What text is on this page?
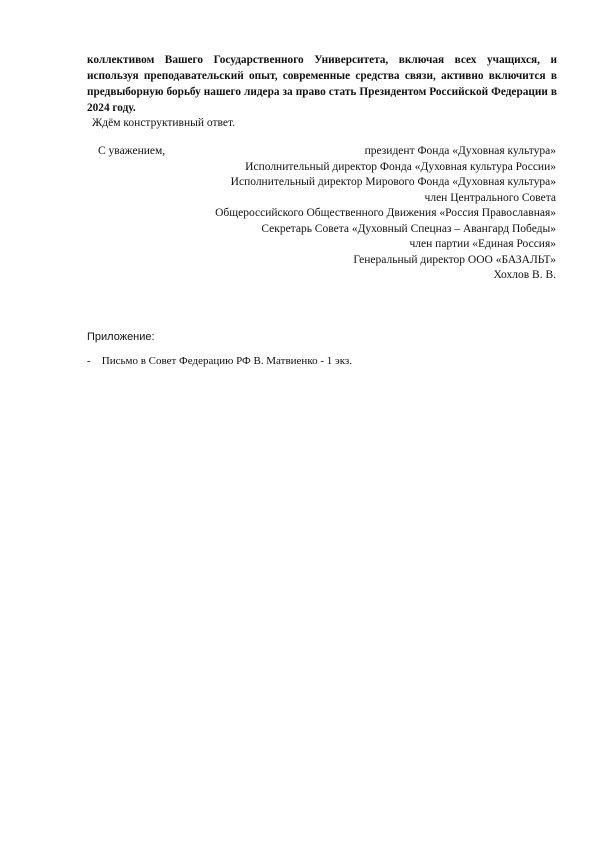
коллективом Вашего Государственного Университета, включая всех учащихся, и используя преподавательский опыт, современные средства связи, активно включится в предвыборную борьбу нашего лидера за право стать Президентом Российской Федерации в 2024 году.

Ждём конструктивный ответ.

С уважением,	президент Фонда «Духовная культура»
Исполнительный директор Фонда «Духовная культура России»
Исполнительный директор Мирового Фонда «Духовная культура»
член Центрального Совета
Общероссийского Общественного Движения «Россия Православная»
Секретарь Совета «Духовный Спецназ – Авангард Победы»
член партии «Единая Россия»
Генеральный директор ООО «БАЗАЛЬТ»
Хохлов В. В.
Приложение:
- Письмо в Совет Федерацию РФ В. Матвиенко - 1 экз.
